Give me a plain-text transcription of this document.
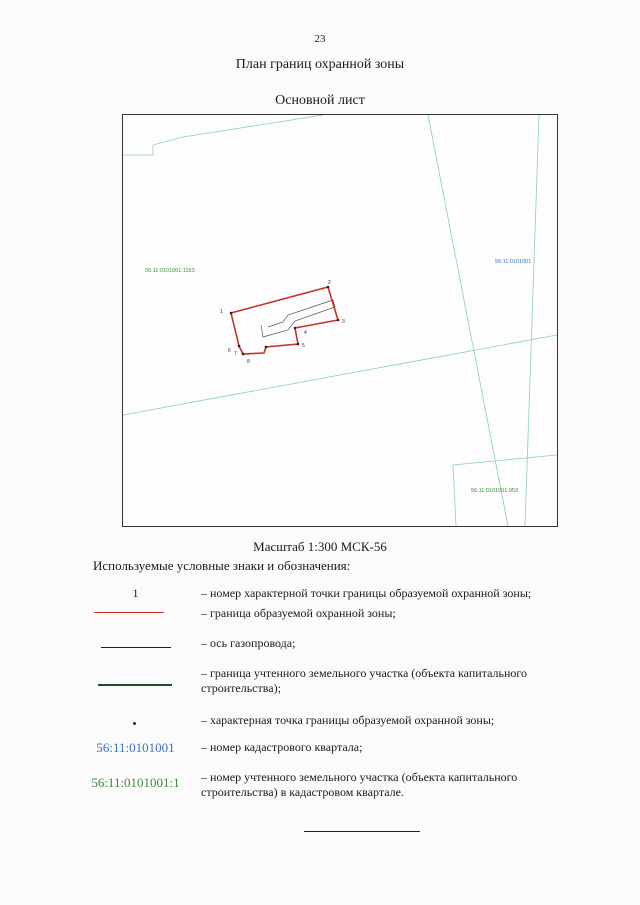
23
План границ охранной зоны
Основной лист
1
2
3
4
5
6 7
8
56:11:0101001:1153
56:11:0101001
56:11:0101001:953
Масштаб 1:300 МСК-56
Используемые условные знаки и обозначения:
1	– номер характерной точки границы образуемой охранной зоны;
– граница образуемой охранной зоны;
– ось газопровода;
– граница учтенного земельного участка (объекта капитального строительства);
– характерная точка границы образуемой охранной зоны;
56:11:0101001	– номер кадастрового квартала;
56:11:0101001:1 – номер учтенного земельного участка (объекта капитального строительства) в кадастровом квартале.
